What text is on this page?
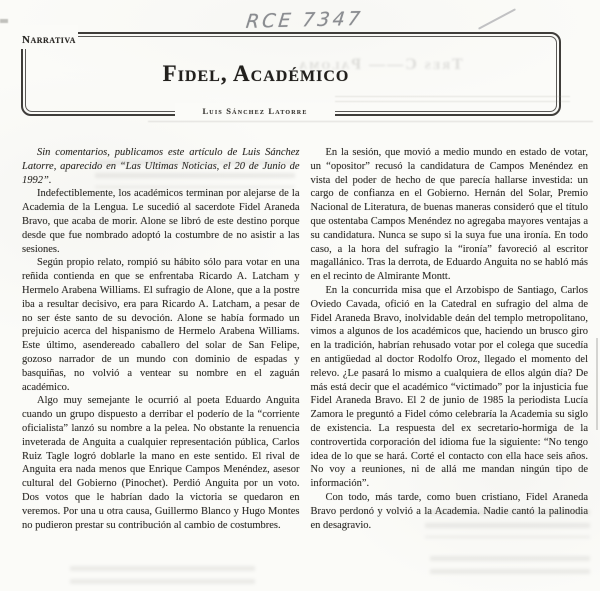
RCE 7347
Tres C—— Paloma
Narrativa
Fidel, Académico
Luis Sánchez Latorre

Sin comentarios, publicamos este artículo de Luis Sánchez Latorre, aparecido en “Las Ultimas Noticias, el 20 de Junio de 1992”.

Indefectiblemente, los académicos terminan por alejarse de la Academia de la Lengua. Le sucedió al sacerdote Fidel Araneda Bravo, que acaba de morir. Alone se libró de este destino porque desde que fue nombrado adoptó la costumbre de no asistir a las sesiones.

Según propio relato, rompió su hábito sólo para votar en una reñida contienda en que se enfrentaba Ricardo A. Latcham y Hermelo Arabena Williams. El sufragio de Alone, que a la postre iba a resultar decisivo, era para Ricardo A. Latcham, a pesar de no ser éste santo de su devoción. Alone se había formado un prejuicio acerca del hispanismo de Hermelo Arabena Williams. Este último, asendereado caballero del solar de San Felipe, gozoso narrador de un mundo con dominio de espadas y basquiñas, no volvió a ventear su nombre en el zaguán académico.

Algo muy semejante le ocurrió al poeta Eduardo Anguita cuando un grupo dispuesto a derribar el poderío de la “corriente oficialista” lanzó su nombre a la pelea. No obstante la renuencia inveterada de Anguita a cualquier representación pública, Carlos Ruiz Tagle logró doblarle la mano en este sentido. El rival de Anguita era nada menos que Enrique Campos Menéndez, asesor cultural del Gobierno (Pinochet). Perdió Anguita por un voto. Dos votos que le habrían dado la victoria se quedaron en veremos. Por una u otra causa, Guillermo Blanco y Hugo Montes no pudieron prestar su contribución al cambio de costumbres.

En la sesión, que movió a medio mundo en estado de votar, un “opositor” recusó la candidatura de Campos Menéndez en vista del poder de hecho de que parecía hallarse investida: un cargo de confianza en el Gobierno. Hernán del Solar, Premio Nacional de Literatura, de buenas maneras consideró que el título que ostentaba Campos Menéndez no agregaba mayores ventajas a su candidatura. Nunca se supo si la suya fue una ironía. En todo caso, a la hora del sufragio la “ironía” favoreció al escritor magallánico. Tras la derrota, de Eduardo Anguita no se habló más en el recinto de Almirante Montt.

En la concurrida misa que el Arzobispo de Santiago, Carlos Oviedo Cavada, ofició en la Catedral en sufragio del alma de Fidel Araneda Bravo, inolvidable deán del templo metropolitano, vimos a algunos de los académicos que, haciendo un brusco giro en la tradición, habrían rehusado votar por el colega que sucedía en antigüedad al doctor Rodolfo Oroz, llegado el momento del relevo. ¿Le pasará lo mismo a cualquiera de ellos algún día? De más está decir que el académico “victimado” por la injusticia fue Fidel Araneda Bravo. El 2 de junio de 1985 la periodista Lucía Zamora le preguntó a Fidel cómo celebraría la Academia su siglo de existencia. La respuesta del ex secretario-hormiga de la controvertida corporación del idioma fue la siguiente: “No tengo idea de lo que se hará. Corté el contacto con ella hace seis años. No voy a reuniones, ni de allá me mandan ningún tipo de información”.

Con todo, más tarde, como buen cristiano, Fidel Araneda Bravo perdonó y volvió a la Academia. Nadie cantó la palinodia en desagravio.
